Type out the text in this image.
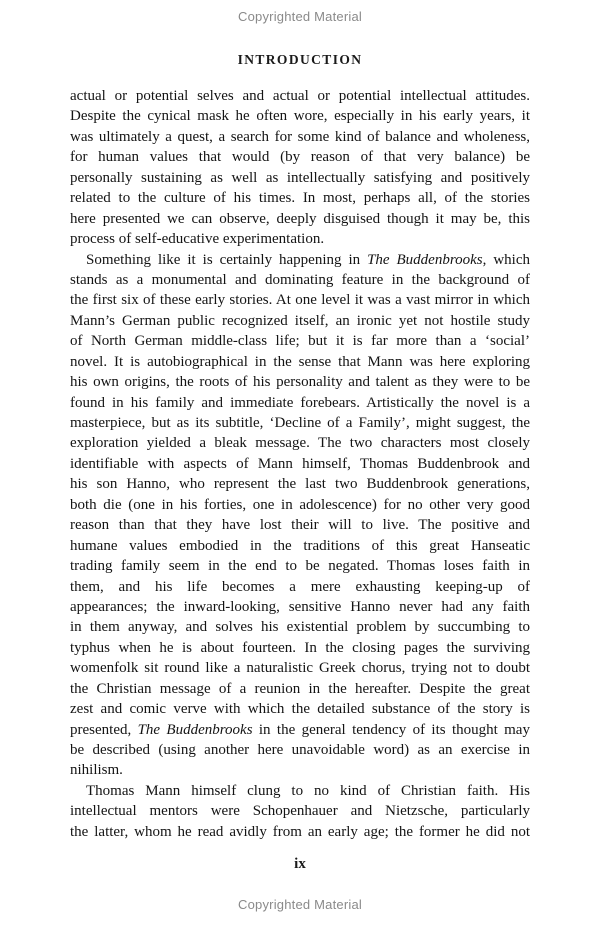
Copyrighted Material
INTRODUCTION
actual or potential selves and actual or potential intellectual attitudes.
Despite the cynical mask he often wore, especially in his early years, it
was ultimately a quest, a search for some kind of balance and wholeness,
for human values that would (by reason of that very balance) be
personally sustaining as well as intellectually satisfying and positively
related to the culture of his times. In most, perhaps all, of the stories
here presented we can observe, deeply disguised though it may be, this
process of self-educative experimentation.
Something like it is certainly happening in The Buddenbrooks, which
stands as a monumental and dominating feature in the background of
the first six of these early stories. At one level it was a vast mirror in which
Mann’s German public recognized itself, an ironic yet not hostile study
of North German middle-class life; but it is far more than a ‘social’
novel. It is autobiographical in the sense that Mann was here exploring
his own origins, the roots of his personality and talent as they were to be
found in his family and immediate forebears. Artistically the novel is a
masterpiece, but as its subtitle, ‘Decline of a Family’, might suggest, the
exploration yielded a bleak message. The two characters most closely
identifiable with aspects of Mann himself, Thomas Buddenbrook and
his son Hanno, who represent the last two Buddenbrook generations,
both die (one in his forties, one in adolescence) for no other very good
reason than that they have lost their will to live. The positive and
humane values embodied in the traditions of this great Hanseatic
trading family seem in the end to be negated. Thomas loses faith in
them, and his life becomes a mere exhausting keeping-up of
appearances; the inward-looking, sensitive Hanno never had any faith
in them anyway, and solves his existential problem by succumbing to
typhus when he is about fourteen. In the closing pages the surviving
womenfolk sit round like a naturalistic Greek chorus, trying not to doubt
the Christian message of a reunion in the hereafter. Despite the great
zest and comic verve with which the detailed substance of the story is
presented, The Buddenbrooks in the general tendency of its thought may
be described (using another here unavoidable word) as an exercise in
nihilism.
Thomas Mann himself clung to no kind of Christian faith. His
intellectual mentors were Schopenhauer and Nietzsche, particularly
the latter, whom he read avidly from an early age; the former he did not
ix
Copyrighted Material
